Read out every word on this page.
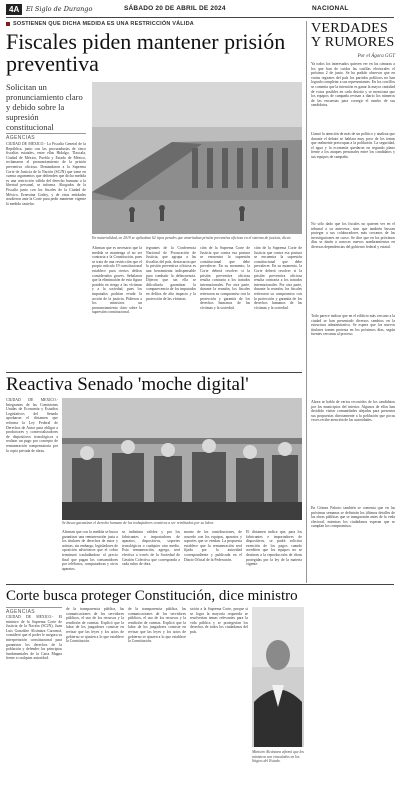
4A	El Siglo de Durango	SÁBADO 20 DE ABRIL DE 2024	NACIONAL
SOSTIENEN QUE DICHA MEDIDA ES UNA RESTRICCIÓN VÁLIDA
Fiscales piden mantener prisión preventiva
Solicitan un pronunciamiento claro y debido sobre la supresión constitucional
AGENCIAS
CIUDAD DE MÉXICO.- La Fiscalía General de la República, junto con las procuradurías de cinco fiscalías estatales, entre ellas Hidalgo, Tlaxcala, Ciudad de México, Puebla y Estado de México, reclamaron el pronunciamiento de la prisión preventiva oficiosa. Demandaron a la Suprema Corte de Justicia de la Nación (SCJN) que tome en cuenta argumentos que defienden que dicha medida es una restricción válida del derecho humano a la libertad personal, se informa. Abogados de la Fiscalía junto con los fiscales de la Ciudad de México, Ernestina Godoy, y de otras entidades acudieron ante la Corte para pedir mantener vigente la medida cautelar.
En materialidad, en 2019 se aplicaban 62 tipos penales que ameritaban prisión preventiva oficiosa en el sistema de justicia, dicen.
Afirman que es necesario que la medida se mantenga al no ser contraria a la Constitución, pues se trata de una restricción que el propio artículo 19 constitucional establece para ciertos delitos considerados graves. Señalaron que la eliminación de esta figura pondría en riesgo a las víctimas y a la sociedad, pues los imputados podrían evadir la acción de la justicia. Pidieron a los ministros un pronunciamiento claro sobre la supresión constitucional.
tegrantes de la Conferencia Nacional de Procuración de Justicia, que agrupa a las fiscalías del país, destacaron que la prisión preventiva oficiosa es una herramienta indispensable para combatir la delincuencia. Dijeron que sin ella se dificultaría garantizar la comparecencia de los imputados en delitos de alto impacto y la protección de las víctimas.
ción de la Suprema Corte de Justicia que contra esa postura se encuentra la supresión constitucional que debe prevalecer. En su momento, la Corte deberá resolver si la prisión preventiva oficiosa resulta contraria a los tratados internacionales. Por otra parte, durante la reunión, los fiscales reiteraron su compromiso con la protección y garantía de los derechos humanos de las víctimas y la sociedad.
ción de la Suprema Corte de Justicia que contra esa postura se encuentra la supresión constitucional que debe prevalecer. En su momento, la Corte deberá resolver si la prisión preventiva oficiosa resulta contraria a los tratados internacionales. Por otra parte, durante la reunión, los fiscales reiteraron su compromiso con la protección y garantía de los derechos humanos de las víctimas y la sociedad.
VERDADES Y RUMORES
Por el Ágora GGT
Ya todos los interesados quieren ver en las cámaras a los que han de cuidar las casillas electorales el próximo 2 de junio. Se ha podido observar que en varias regiones del país los partidos políticos no han logrado completar a sus representantes. En los corrillos se comenta que la intención es ganar la mayor cantidad de votos posibles en cada distrito y se menciona que los equipos de campaña revisan a diario los números de las encuestas para corregir el rumbo de sus candidatos.
Llamó la atención de más de un político y analista que durante el debate se hablara muy poco de los temas que realmente preocupan a la población. La seguridad, el agua y la economía quedaron en segundo plano frente a los ataques personales entre los candidatos y sus equipos de campaña.
No sólo dado que los fiscales no quieren ver en el tribunal a su antecesor, sino que también buscan proteger a sus colaboradores más cercanos de las investigaciones en curso. Se dice que en los próximos días se darán a conocer nuevos nombramientos en diversas dependencias del gobierno federal y estatal.
Todo parece indicar que en el edificio más cercano a la ciudad se han presentado diversos cambios en la estructura administrativa. Se espera que los nuevos titulares tomen protesta en los próximos días, según fuentes cercanas al proceso.
Ahora se habla de varios recorridos de los candidatos por los municipios del interior. Algunos de ellos han decidido visitar comunidades alejadas para presentar sus propuestas directamente a la población que pocas veces recibe atención de las autoridades.
En Gómez Palacio también se comenta que en las próximas semanas se definirán los últimos detalles de las obras públicas que se inaugurarán antes de la veda electoral, mientras los ciudadanos esperan que se cumplan los compromisos.
Reactiva Senado 'moche digital'
CIUDAD DE MÉXICO.- Integrantes de las Comisiones Unidas de Economía y Estudios Legislativos del Senado aprobaron el dictamen que reforma la Ley Federal de Derechos de Autor para obligar a productores y comercializadores de dispositivos tecnológicos a realizar un pago por concepto de remuneración compensatoria por la copia privada de obras.
Se busca garantizar el derecho humano de los trabajadores creativos a ser retribuidos por su labor.
Afirman que con la medida se busca garantizar una remuneración justa a los titulares de derechos de autor y artistas, sin embargo, legisladores de oposición advirtieron que el cobro terminará trasladándose al precio final que pagan los consumidores por teléfonos, computadoras y otros aparatos.
se indistinta validez y por los fabricantes o importadores de aparatos, dispositivos, soportes tecnológicos o cualquier otro medio. Esta remuneración, agrega, será efectiva a través de la Sociedad de Gestión Colectiva que corresponda a cada rubro de obra.
monto de las contribuciones, de acuerdo con los equipos, aparatos y soportes que se vendan. La propuesta establece que la remuneración será fijada por la autoridad correspondiente y publicada en el Diario Oficial de la Federación.
El dictamen indica que, para los fabricantes e importadores de dispositivos, se podrá solicitar exención de los pagos cuando acrediten que los equipos no se destinan a la reproducción de obras protegidas por la ley de la materia vigente.
Corte busca proteger Constitución, dice ministro
AGENCIAS
CIUDAD DE MÉXICO.- El ministro de la Suprema Corte de Justicia de la Nación (SCJN), Juan Luis González Alcántara Carrancá, consideró que el poder le asegura su interpretación constitucional para garantizar los derechos de la población y defender los principios fundamentales de la Carta Magna frente a cualquier autoridad.
de la transparencia pública, las comunicaciones de los servidores públicos, el uso de los recursos y la rendición de cuentas. Explicó que la labor de los juzgadores consiste en revisar que las leyes y los actos de gobierno se ajusten a lo que establece la Constitución.
de la transparencia pública, las comunicaciones de los servidores públicos, el uso de los recursos y la rendición de cuentas. Explicó que la labor de los juzgadores consiste en revisar que las leyes y los actos de gobierno se ajusten a lo que establece la Constitución.
sición a la Suprema Corte, porque si se logra la mayoría requerida se resolverían temas relevantes para la vida pública y se protegerían los derechos de todos los ciudadanos del país.
Ministro Alcántara afirmó que los ministros son vinculados en los litigios del Estado.
